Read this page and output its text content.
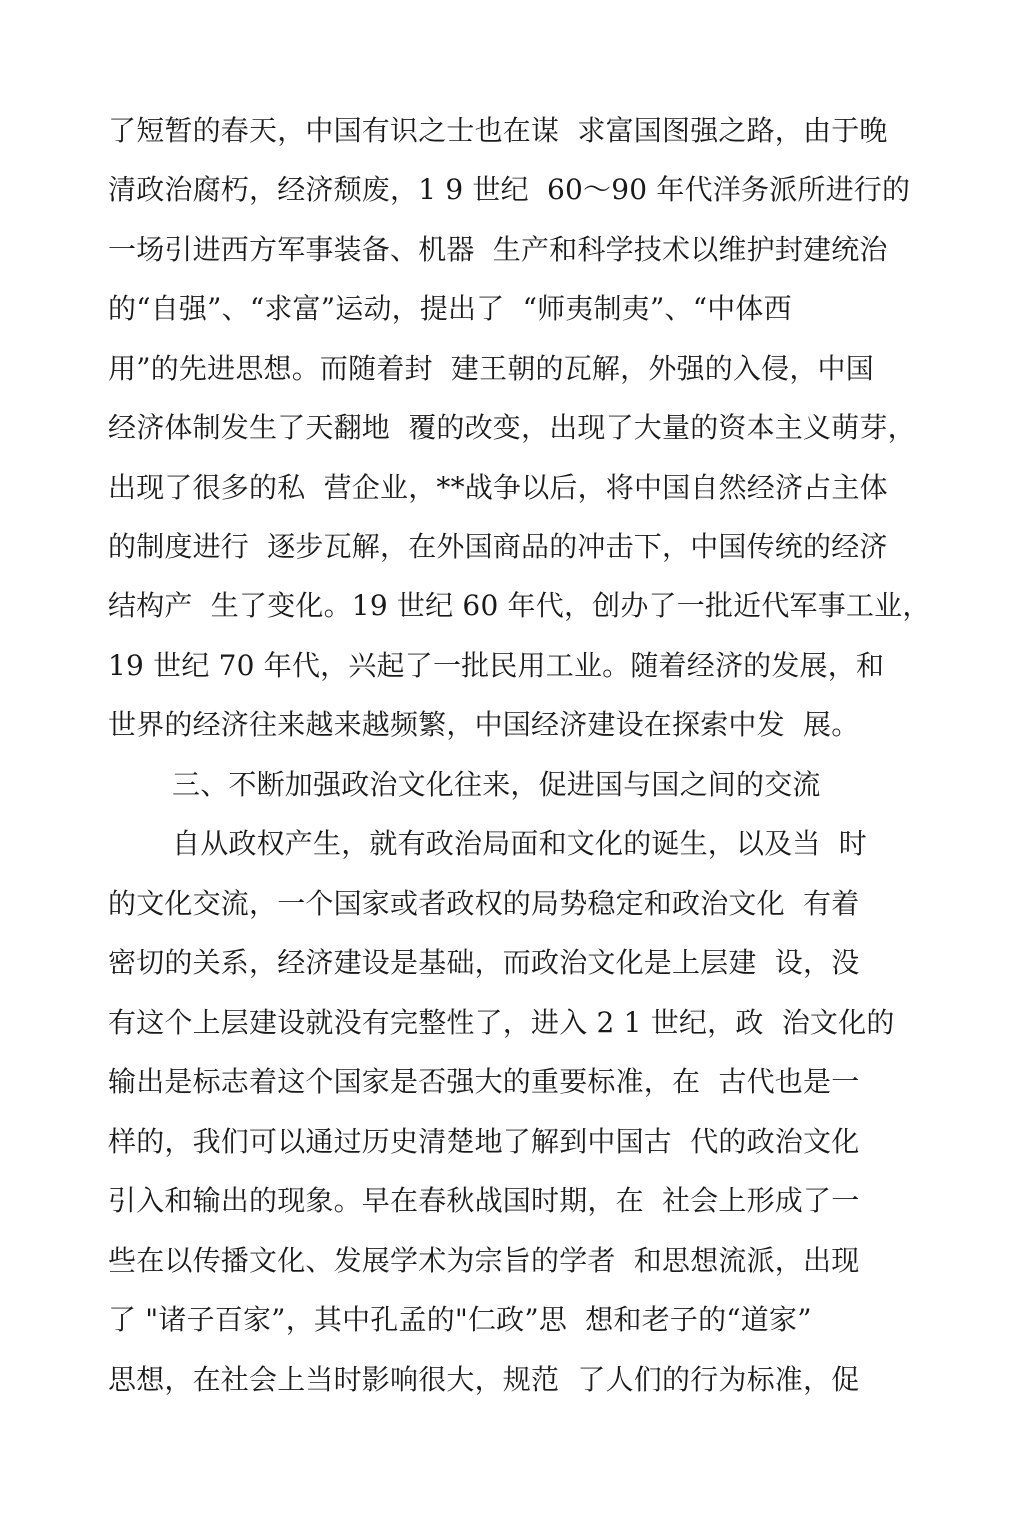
了短暂的春天，中国有识之士也在谋  求富国图强之路，由于晚
清政治腐朽，经济颓废，1 9 世纪  60～90 年代洋务派所进行的
一场引进西方军事装备、机器  生产和科学技术以维护封建统治
的“自强”、“求富”运动，提出了  “师夷制夷”、“中体西
用”的先进思想。而随着封  建王朝的瓦解，外强的入侵，中国
经济体制发生了天翻地  覆的改变，出现了大量的资本主义萌芽，
出现了很多的私  营企业，**战争以后，将中国自然经济占主体
的制度进行  逐步瓦解，在外国商品的冲击下，中国传统的经济
结构产  生了变化。19 世纪 60 年代，创办了一批近代军事工业，
19 世纪 70 年代，兴起了一批民用工业。随着经济的发展，和
世界的经济往来越来越频繁，中国经济建设在探索中发  展。
三、不断加强政治文化往来，促进国与国之间的交流
自从政权产生，就有政治局面和文化的诞生，以及当  时
的文化交流，一个国家或者政权的局势稳定和政治文化  有着
密切的关系，经济建设是基础，而政治文化是上层建  设，没
有这个上层建设就没有完整性了，进入 2 1 世纪，政  治文化的
输出是标志着这个国家是否强大的重要标准，在  古代也是一
样的，我们可以通过历史清楚地了解到中国古  代的政治文化
引入和输出的现象。早在春秋战国时期，在  社会上形成了一
些在以传播文化、发展学术为宗旨的学者  和思想流派，出现
了 "诸子百家”，其中孔孟的"仁政”思  想和老子的“道家”
思想，在社会上当时影响很大，规范  了人们的行为标准，促
